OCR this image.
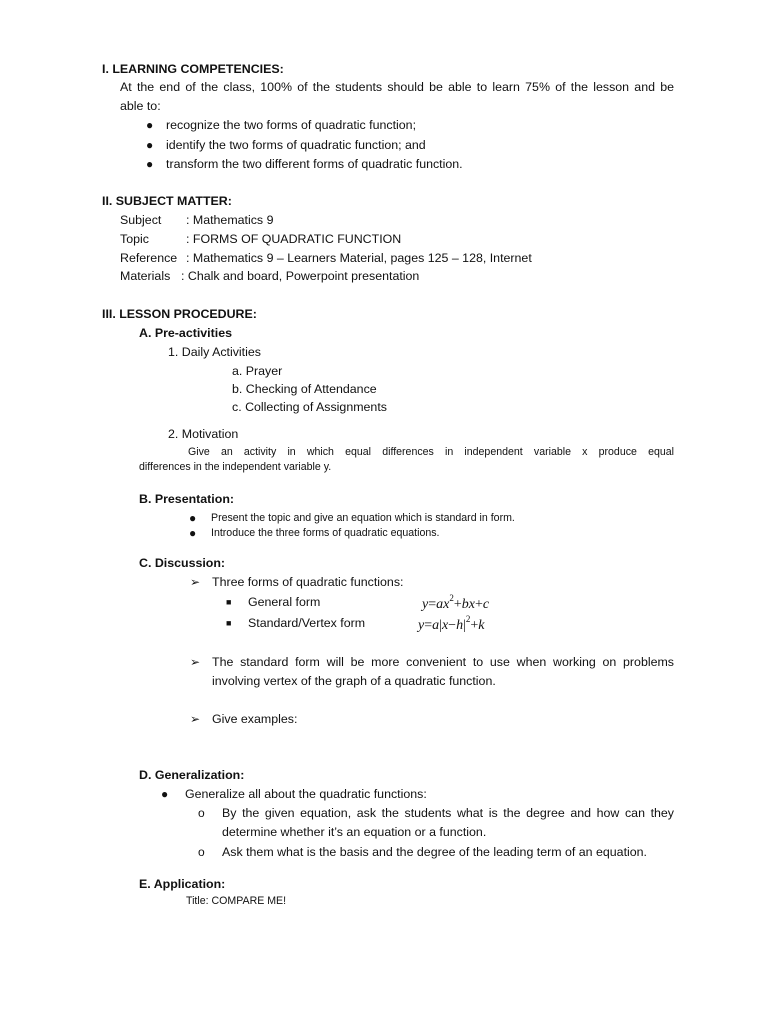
I. LEARNING COMPETENCIES:
At the end of the class, 100% of the students should be able to learn 75% of the lesson and be
able to:
● recognize the two forms of quadratic function;
● identify the two forms of quadratic function; and
● transform the two different forms of quadratic function.
II. SUBJECT MATTER:
Subject : Mathematics 9
Topic	: FORMS OF QUADRATIC FUNCTION
Reference : Mathematics 9 – Learners Material, pages 125 – 128, Internet
Materials : Chalk and board, Powerpoint presentation
III. LESSON PROCEDURE:
A. Pre-activities
1. Daily Activities
a. Prayer
b. Checking of Attendance
c. Collecting of Assignments
2. Motivation
Give an activity in which equal differences in independent variable x produce equal
differences in the independent variable y.
B. Presentation:
● Present the topic and give an equation which is standard in form.
● Introduce the three forms of quadratic equations.
C. Discussion:
➢ Three forms of quadratic functions:
■ General form	$y=ax^2+bx+c$
■ Standard/Vertex form	$y=a|x-h|^2+k$
➢ The standard form will be more convenient to use when working on problems
involving vertex of the graph of a quadratic function.
➢ Give examples:
D. Generalization:
● Generalize all about the quadratic functions:
o By the given equation, ask the students what is the degree and how can they
determine whether it’s an equation or a function.
o Ask them what is the basis and the degree of the leading term of an equation.
E. Application:
Title: COMPARE ME!
